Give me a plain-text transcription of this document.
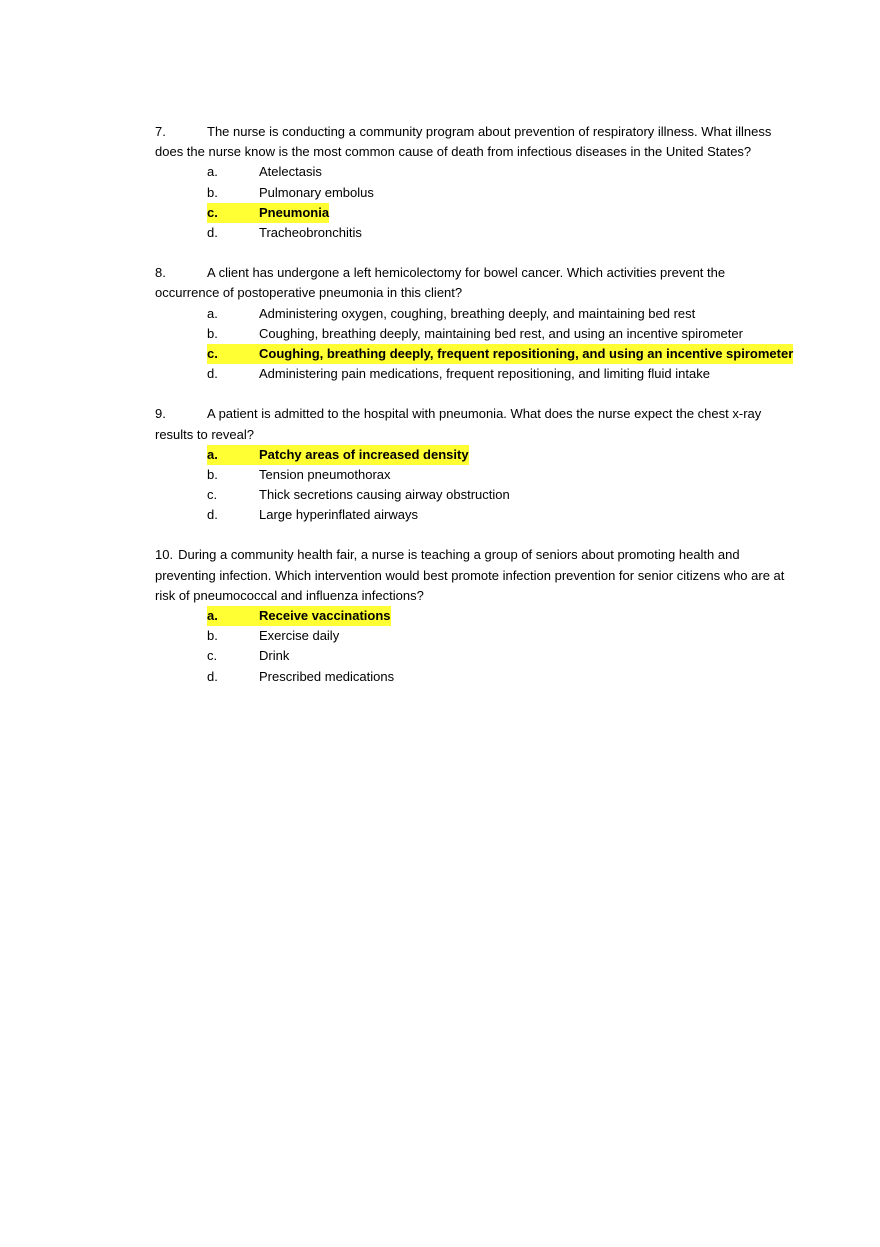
7.	The nurse is conducting a community program about prevention of respiratory illness. What illness does the nurse know is the most common cause of death from infectious diseases in the United States?

a.	Atelectasis
b.	Pulmonary embolus
c.	Pneumonia
d.	Tracheobronchitis

8.	A client has undergone a left hemicolectomy for bowel cancer. Which activities prevent the occurrence of postoperative pneumonia in this client?

a.	Administering oxygen, coughing, breathing deeply, and maintaining bed rest
b.	Coughing, breathing deeply, maintaining bed rest, and using an incentive spirometer
c.	Coughing, breathing deeply, frequent repositioning, and using an incentive spirometer
d.	Administering pain medications, frequent repositioning, and limiting fluid intake

9.	A patient is admitted to the hospital with pneumonia. What does the nurse expect the chest x-ray results to reveal?

a.	Patchy areas of increased density
b.	Tension pneumothorax
c.	Thick secretions causing airway obstruction
d.	Large hyperinflated airways

10. During a community health fair, a nurse is teaching a group of seniors about promoting health and preventing infection. Which intervention would best promote infection prevention for senior citizens who are at risk of pneumococcal and influenza infections?

a.	Receive vaccinations
b.	Exercise daily
c.	Drink
d.	Prescribed medications
